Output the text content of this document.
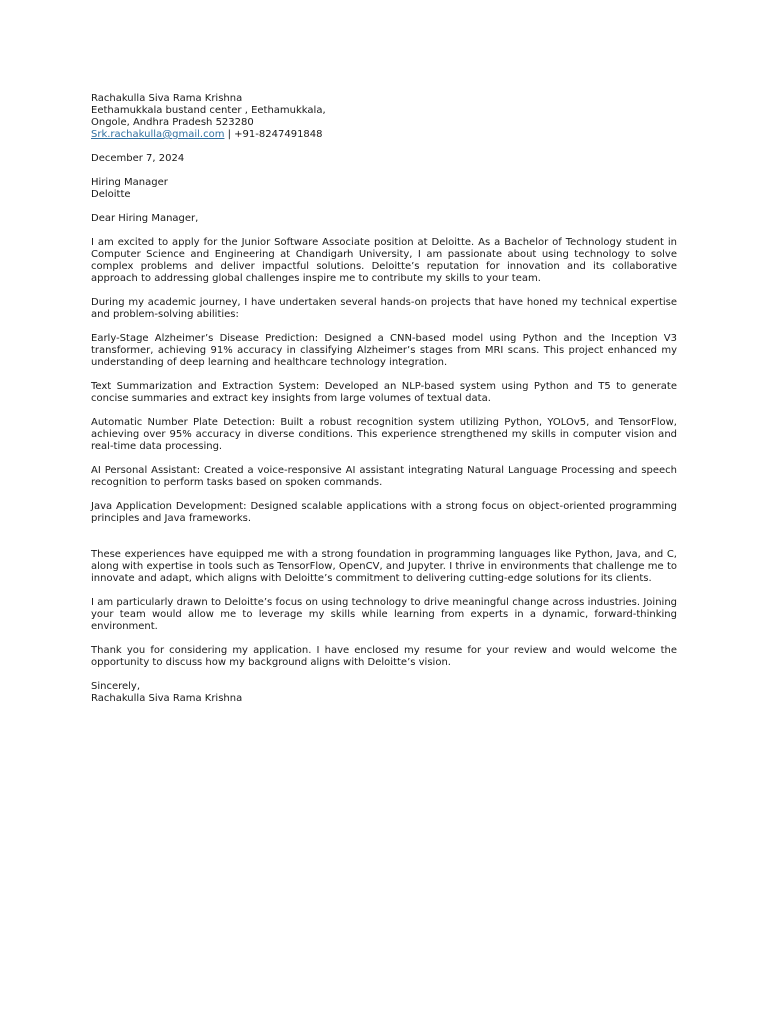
Rachakulla Siva Rama Krishna
Eethamukkala bustand center , Eethamukkala,
Ongole, Andhra Pradesh 523280
Srk.rachakulla@gmail.com | +91-8247491848
December 7, 2024
Hiring Manager
Deloitte
Dear Hiring Manager,

I am excited to apply for the Junior Software Associate position at Deloitte. As a Bachelor of Technology student in Computer Science and Engineering at Chandigarh University, I am passionate about using technology to solve complex problems and deliver impactful solutions. Deloitte’s reputation for innovation and its collaborative approach to addressing global challenges inspire me to contribute my skills to your team.

During my academic journey, I have undertaken several hands-on projects that have honed my technical expertise and problem-solving abilities:

Early-Stage Alzheimer’s Disease Prediction: Designed a CNN-based model using Python and the Inception V3 transformer, achieving 91% accuracy in classifying Alzheimer’s stages from MRI scans. This project enhanced my understanding of deep learning and healthcare technology integration.

Text Summarization and Extraction System: Developed an NLP-based system using Python and T5 to generate concise summaries and extract key insights from large volumes of textual data.

Automatic Number Plate Detection: Built a robust recognition system utilizing Python, YOLOv5, and TensorFlow, achieving over 95% accuracy in diverse conditions. This experience strengthened my skills in computer vision and real-time data processing.

AI Personal Assistant: Created a voice-responsive AI assistant integrating Natural Language Processing and speech recognition to perform tasks based on spoken commands.

Java Application Development: Designed scalable applications with a strong focus on object-oriented programming principles and Java frameworks.

These experiences have equipped me with a strong foundation in programming languages like Python, Java, and C, along with expertise in tools such as TensorFlow, OpenCV, and Jupyter. I thrive in environments that challenge me to innovate and adapt, which aligns with Deloitte’s commitment to delivering cutting-edge solutions for its clients.

I am particularly drawn to Deloitte’s focus on using technology to drive meaningful change across industries. Joining your team would allow me to leverage my skills while learning from experts in a dynamic, forward-thinking environment.

Thank you for considering my application. I have enclosed my resume for your review and would welcome the opportunity to discuss how my background aligns with Deloitte’s vision.

Sincerely,
Rachakulla Siva Rama Krishna
